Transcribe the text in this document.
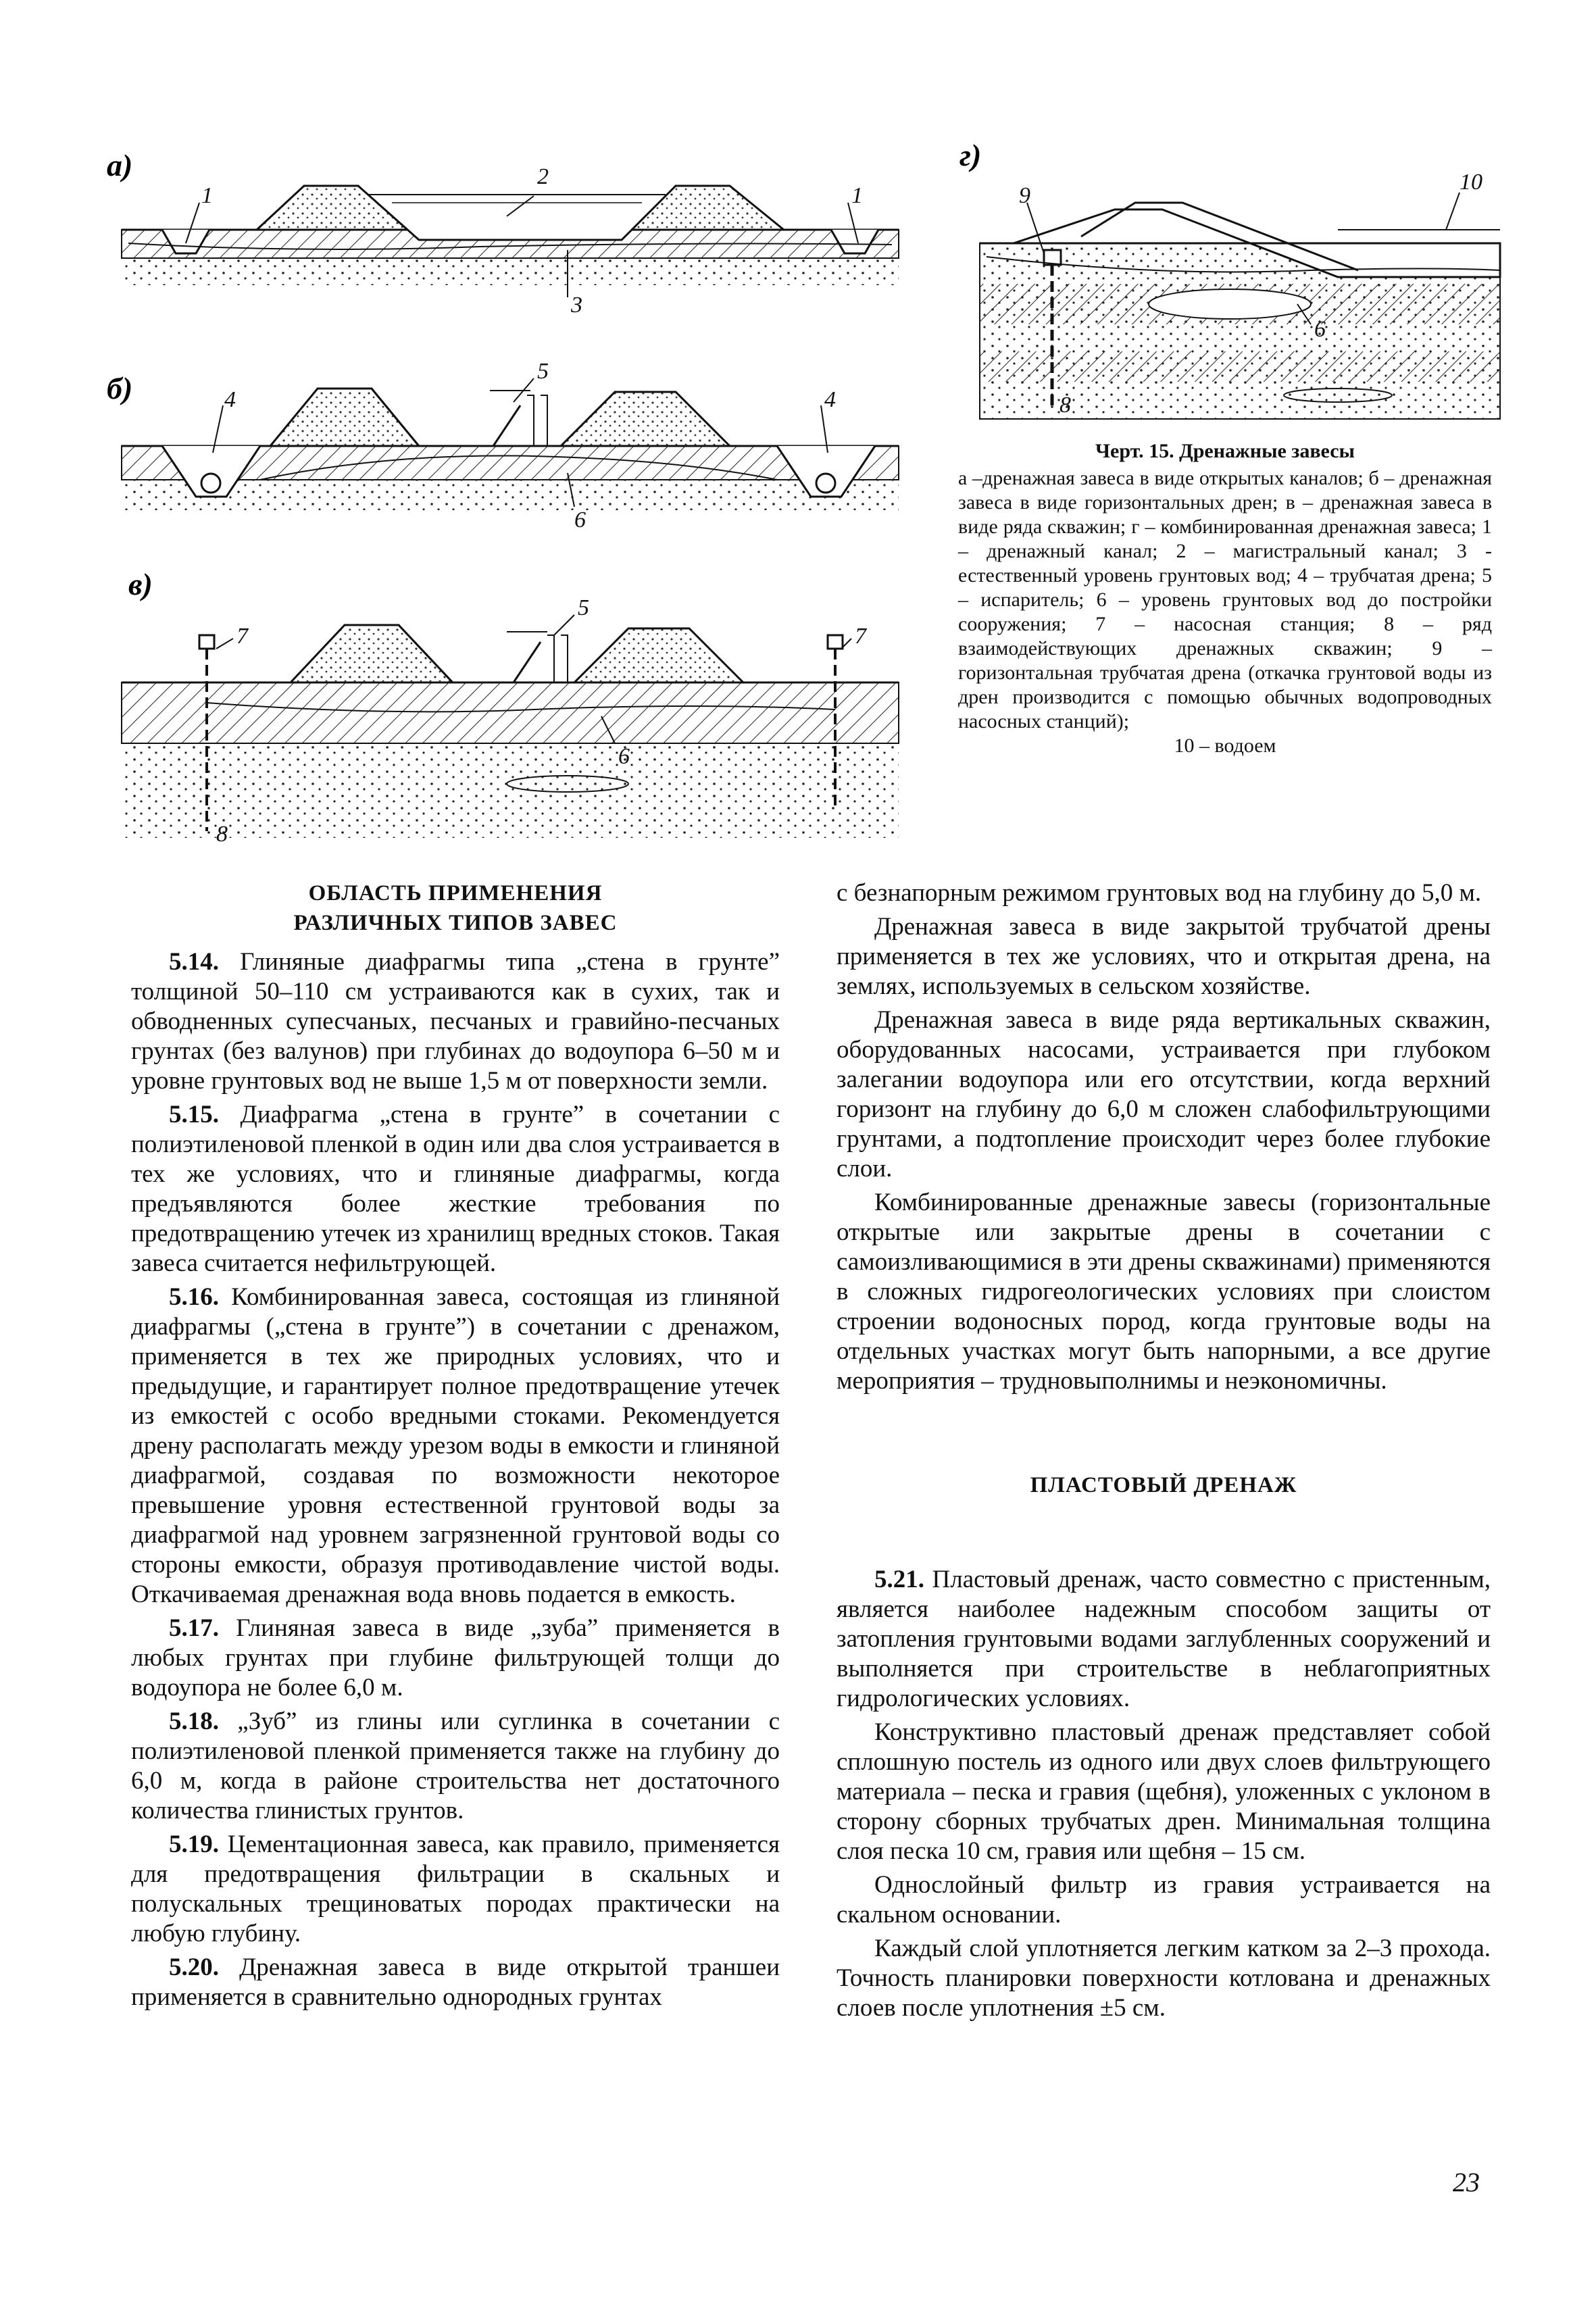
а)
1
2
3
1
б)	4
5
6
4
в)
7
5
6
8
7
г)
10
9
6
8
Черт. 15. Дренажные завесы
а –дренажная завеса в виде открытых каналов; б – дренажная завеса в виде горизонтальных дрен; в – дренажная завеса в виде ряда скважин; г – комбинированная дренажная завеса; 1 – дренажный канал; 2 – магистральный канал; 3 - естественный уровень грунтовых вод; 4 – трубчатая дрена; 5 – испаритель; 6 – уровень грунтовых вод до постройки сооружения; 7 – насосная станция; 8 – ряд взаимодействующих дренажных скважин; 9 – горизонтальная трубчатая дрена (откачка грунтовой воды из дрен производится с помощью обычных водопроводных насосных станций);
10 – водоем
ОБЛАСТЬ ПРИМЕНЕНИЯ РАЗЛИЧНЫХ ТИПОВ ЗАВЕС

5.14. Глиняные диафрагмы типа „стена в грунте” толщиной 50–110 см устраиваются как в сухих, так и обводненных супесчаных, песчаных и гравийно-песчаных грунтах (без валунов) при глубинах до водоупора 6–50 м и уровне грунтовых вод не выше 1,5 м от поверхности земли.

5.15. Диафрагма „стена в грунте” в сочетании с полиэтиленовой пленкой в один или два слоя устраивается в тех же условиях, что и глиняные диафрагмы, когда предъявляются более жесткие требования по предотвращению утечек из хранилищ вредных стоков. Такая завеса считается нефильтрующей.

5.16. Комбинированная завеса, состоящая из глиняной диафрагмы („стена в грунте”) в сочетании с дренажом, применяется в тех же природных условиях, что и предыдущие, и гарантирует полное предотвращение утечек из емкостей с особо вредными стоками. Рекомендуется дрену располагать между урезом воды в емкости и глиняной диафрагмой, создавая по возможности некоторое превышение уровня естественной грунтовой воды за диафрагмой над уровнем загрязненной грунтовой воды со стороны емкости, образуя противодавление чистой воды. Откачиваемая дренажная вода вновь подается в емкость.

5.17. Глиняная завеса в виде „зуба” применяется в любых грунтах при глубине фильтрующей толщи до водоупора не более 6,0 м.

5.18. „Зуб” из глины или суглинка в сочетании с полиэтиленовой пленкой применяется также на глубину до 6,0 м, когда в районе строительства нет достаточного количества глинистых грунтов.

5.19. Цементационная завеса, как правило, применяется для предотвращения фильтрации в скальных и полускальных трещиноватых породах практически на любую глубину.

5.20. Дренажная завеса в виде открытой траншеи применяется в сравнительно однородных грунтах

с безнапорным режимом грунтовых вод на глубину до 5,0 м.

Дренажная завеса в виде закрытой трубчатой дрены применяется в тех же условиях, что и открытая дрена, на землях, используемых в сельском хозяйстве.

Дренажная завеса в виде ряда вертикальных скважин, оборудованных насосами, устраивается при глубоком залегании водоупора или его отсутствии, когда верхний горизонт на глубину до 6,0 м сложен слабофильтрующими грунтами, а подтопление происходит через более глубокие слои.

Комбинированные дренажные завесы (горизонтальные открытые или закрытые дрены в сочетании с самоизливающимися в эти дрены скважинами) применяются в сложных гидрогеологических условиях при слоистом строении водоносных пород, когда грунтовые воды на отдельных участках могут быть напорными, а все другие мероприятия – трудновыполнимы и неэкономичны.

ПЛАСТОВЫЙ ДРЕНАЖ

5.21. Пластовый дренаж, часто совместно с пристенным, является наиболее надежным способом защиты от затопления грунтовыми водами заглубленных сооружений и выполняется при строительстве в неблагоприятных гидрологических условиях.

Конструктивно пластовый дренаж представляет собой сплошную постель из одного или двух слоев фильтрующего материала – песка и гравия (щебня), уложенных с уклоном в сторону сборных трубчатых дрен. Минимальная толщина слоя песка 10 см, гравия или щебня – 15 см.

Однослойный фильтр из гравия устраивается на скальном основании.

Каждый слой уплотняется легким катком за 2–3 прохода. Точность планировки поверхности котлована и дренажных слоев после уплотнения ±5 см.

23
